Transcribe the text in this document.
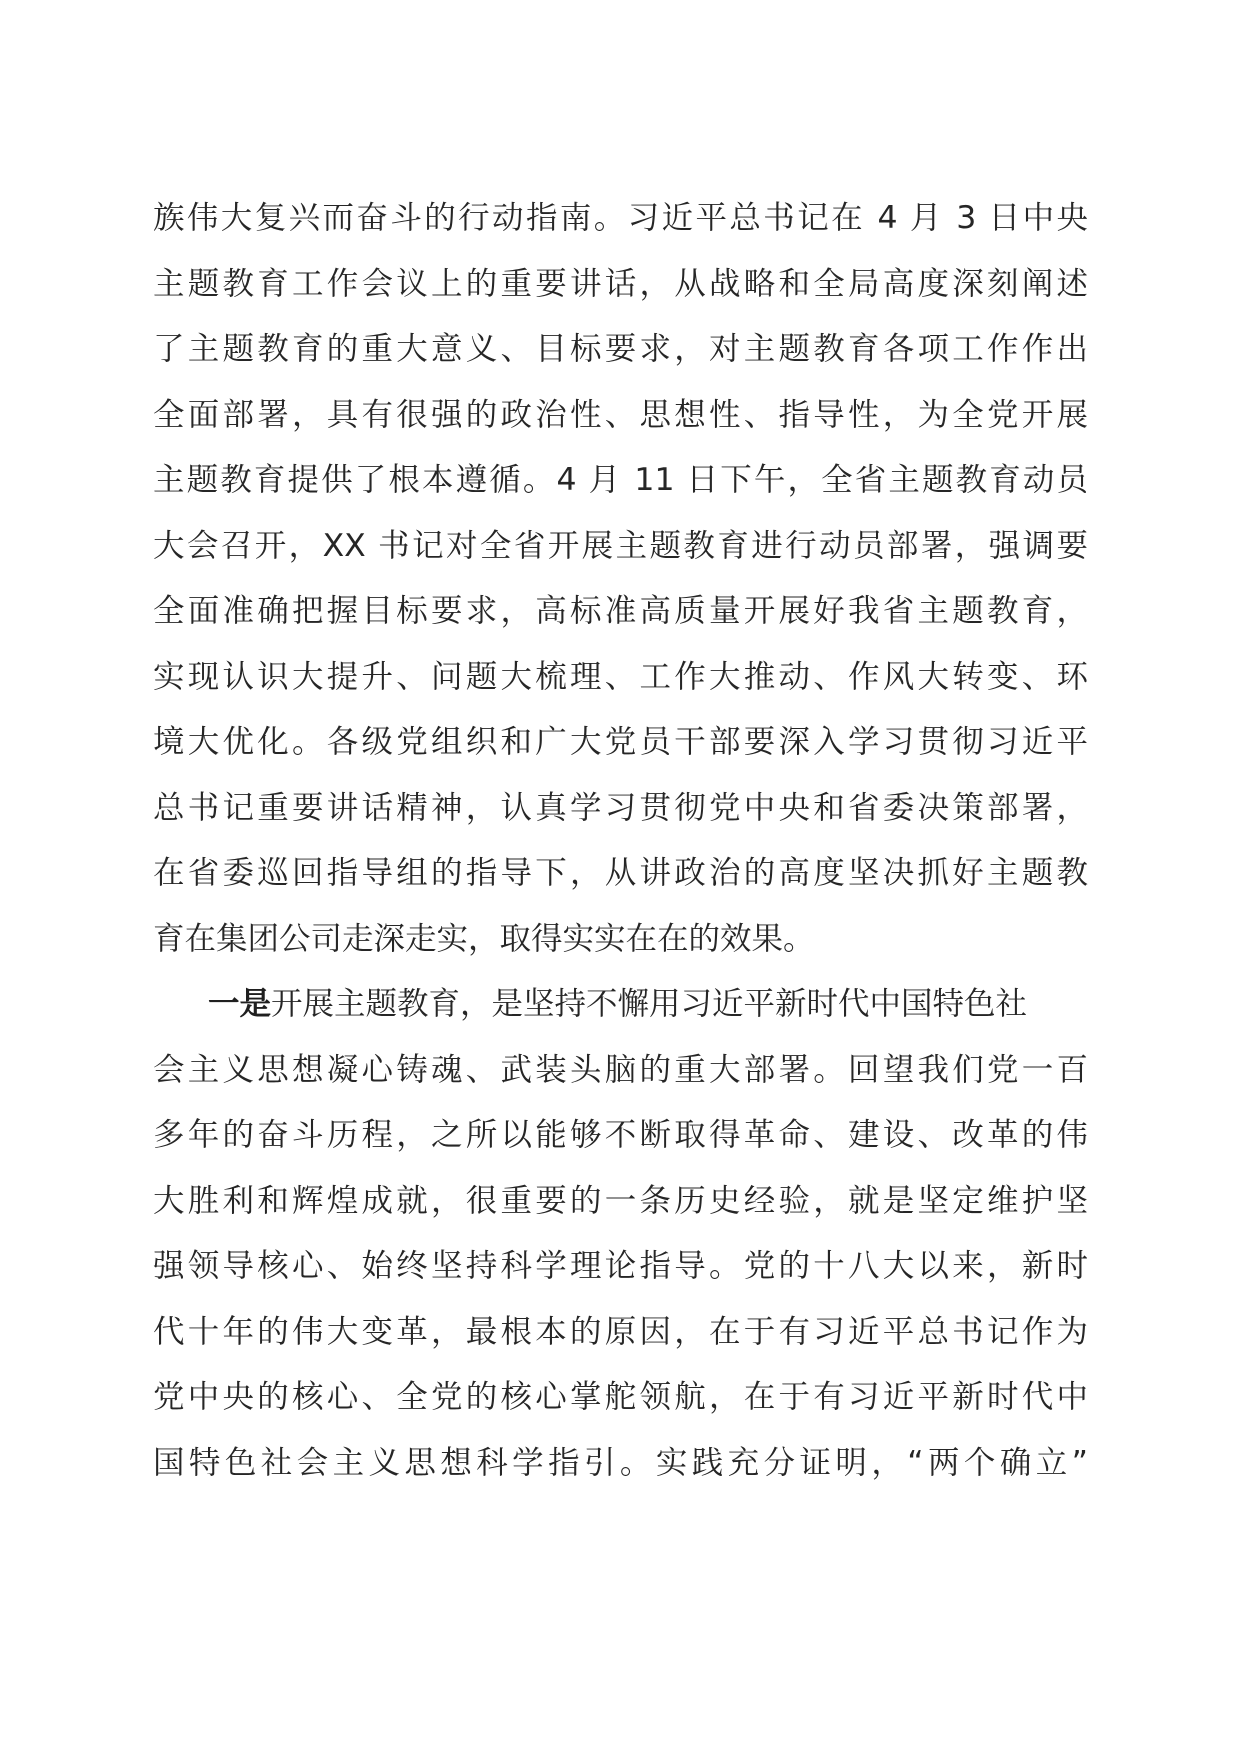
族伟大复兴而奋斗的行动指南。习近平总书记在 4 月 3 日中央
主题教育工作会议上的重要讲话，从战略和全局高度深刻阐述
了主题教育的重大意义、目标要求，对主题教育各项工作作出
全面部署，具有很强的政治性、思想性、指导性，为全党开展
主题教育提供了根本遵循。4 月 11 日下午，全省主题教育动员
大会召开，XX 书记对全省开展主题教育进行动员部署，强调要
全面准确把握目标要求，高标准高质量开展好我省主题教育，
实现认识大提升、问题大梳理、工作大推动、作风大转变、环
境大优化。各级党组织和广大党员干部要深入学习贯彻习近平
总书记重要讲话精神，认真学习贯彻党中央和省委决策部署，
在省委巡回指导组的指导下，从讲政治的高度坚决抓好主题教
育在集团公司走深走实，取得实实在在的效果。
一是开展主题教育，是坚持不懈用习近平新时代中国特色社
会主义思想凝心铸魂、武装头脑的重大部署。回望我们党一百
多年的奋斗历程，之所以能够不断取得革命、建设、改革的伟
大胜利和辉煌成就，很重要的一条历史经验，就是坚定维护坚
强领导核心、始终坚持科学理论指导。党的十八大以来，新时
代十年的伟大变革，最根本的原因，在于有习近平总书记作为
党中央的核心、全党的核心掌舵领航，在于有习近平新时代中
国特色社会主义思想科学指引。实践充分证明，“两个确立”
